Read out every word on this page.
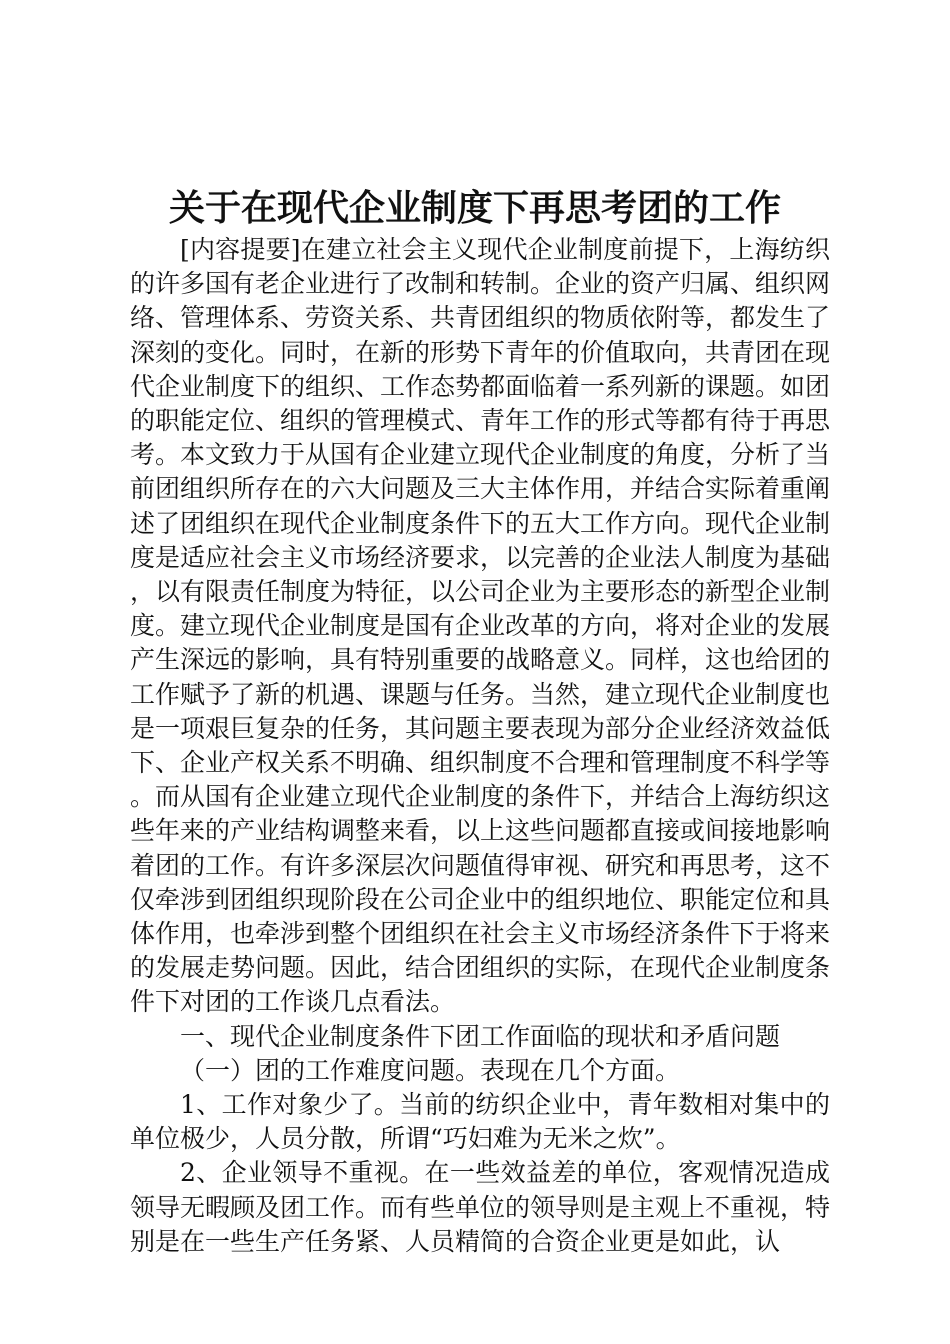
关于在现代企业制度下再思考团的工作

[内容提要]在建立社会主义现代企业制度前提下，上海纺织的许多国有老企业进行了改制和转制。企业的资产归属、组织网络、管理体系、劳资关系、共青团组织的物质依附等，都发生了深刻的变化。同时，在新的形势下青年的价值取向，共青团在现代企业制度下的组织、工作态势都面临着一系列新的课题。如团的职能定位、组织的管理模式、青年工作的形式等都有待于再思考。本文致力于从国有企业建立现代企业制度的角度，分析了当前团组织所存在的六大问题及三大主体作用，并结合实际着重阐述了团组织在现代企业制度条件下的五大工作方向。现代企业制度是适应社会主义市场经济要求，以完善的企业法人制度为基础，以有限责任制度为特征，以公司企业为主要形态的新型企业制度。建立现代企业制度是国有企业改革的方向，将对企业的发展产生深远的影响，具有特别重要的战略意义。同样，这也给团的工作赋予了新的机遇、课题与任务。当然，建立现代企业制度也是一项艰巨复杂的任务，其问题主要表现为部分企业经济效益低下、企业产权关系不明确、组织制度不合理和管理制度不科学等。而从国有企业建立现代企业制度的条件下，并结合上海纺织这些年来的产业结构调整来看，以上这些问题都直接或间接地影响着团的工作。有许多深层次问题值得审视、研究和再思考，这不仅牵涉到团组织现阶段在公司企业中的组织地位、职能定位和具体作用，也牵涉到整个团组织在社会主义市场经济条件下于将来的发展走势问题。因此，结合团组织的实际，在现代企业制度条件下对团的工作谈几点看法。

一、现代企业制度条件下团工作面临的现状和矛盾问题

（一）团的工作难度问题。表现在几个方面。

1、工作对象少了。当前的纺织企业中，青年数相对集中的单位极少，人员分散，所谓“巧妇难为无米之炊”。

2、企业领导不重视。在一些效益差的单位，客观情况造成领导无暇顾及团工作。而有些单位的领导则是主观上不重视，特别是在一些生产任务紧、人员精简的合资企业更是如此，认
